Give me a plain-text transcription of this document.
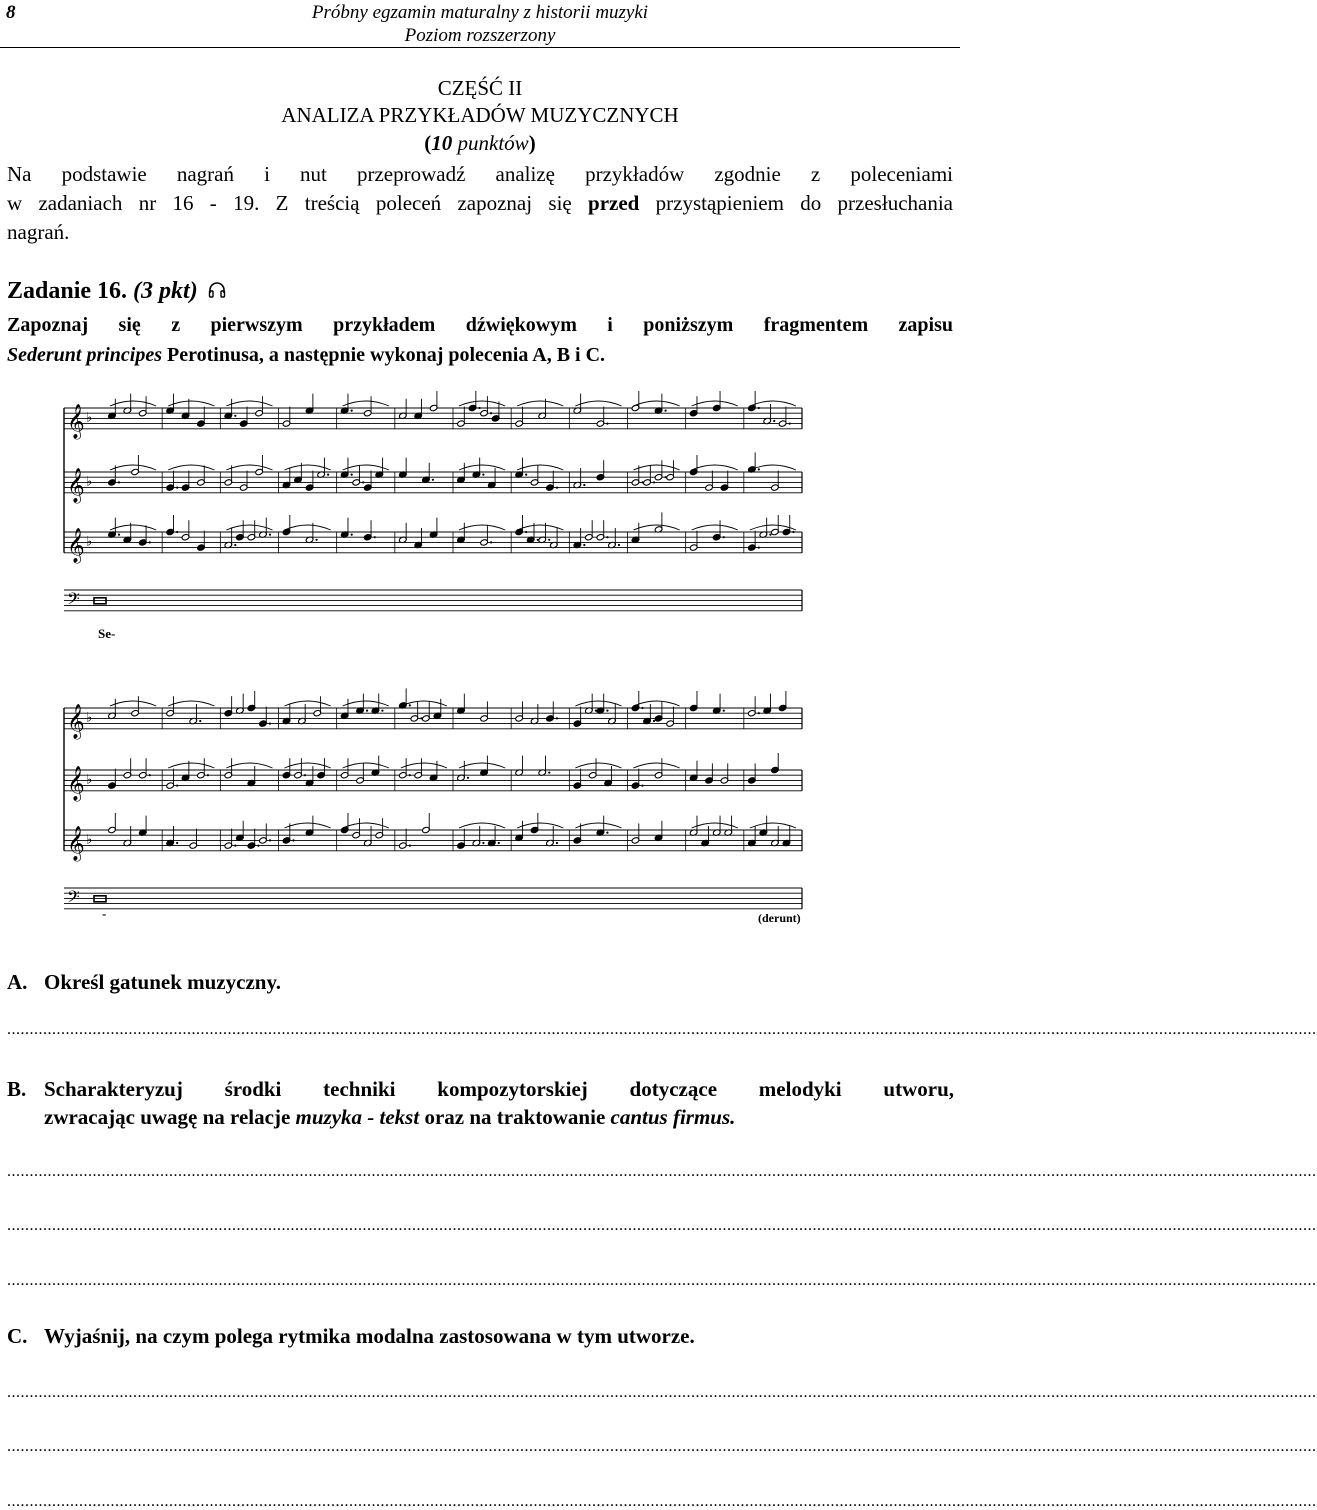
8	Próbny egzamin maturalny z historii muzyki
Poziom rozszerzony
CZĘŚĆ II
ANALIZA PRZYKŁADÓW MUZYCZNYCH
(10 punktów)
Na podstawie nagrań i nut przeprowadź analizę przykładów zgodnie z poleceniami
w zadaniach nr 16 - 19. Z treścią poleceń zapoznaj się przed przystąpieniem do przesłuchania
nagrań.
Zadanie 16. (3 pkt)
Zapoznaj się z pierwszym przykładem dźwiękowym i poniższym fragmentem zapisu
Sederunt principes Perotinusa, a następnie wykonaj polecenia A, B i C.
𝄞 ♭
𝄞 ♭
𝄞 ♭
𝄢
𝄞 ♭
𝄞 ♭
𝄞 ♭
𝄢
Se-
-	(derunt)
A. Określ gatunek muzyczny.
...................................................................................................................................................................................................................................................................................................
B. Scharakteryzuj środki techniki kompozytorskiej dotyczące melodyki utworu,
zwracając uwagę na relacje muzyka - tekst oraz na traktowanie cantus firmus.
...................................................................................................................................................................................................................................................................................................
...................................................................................................................................................................................................................................................................................................
...................................................................................................................................................................................................................................................................................................
C. Wyjaśnij, na czym polega rytmika modalna zastosowana w tym utworze.
...................................................................................................................................................................................................................................................................................................
...................................................................................................................................................................................................................................................................................................
...................................................................................................................................................................................................................................................................................................
